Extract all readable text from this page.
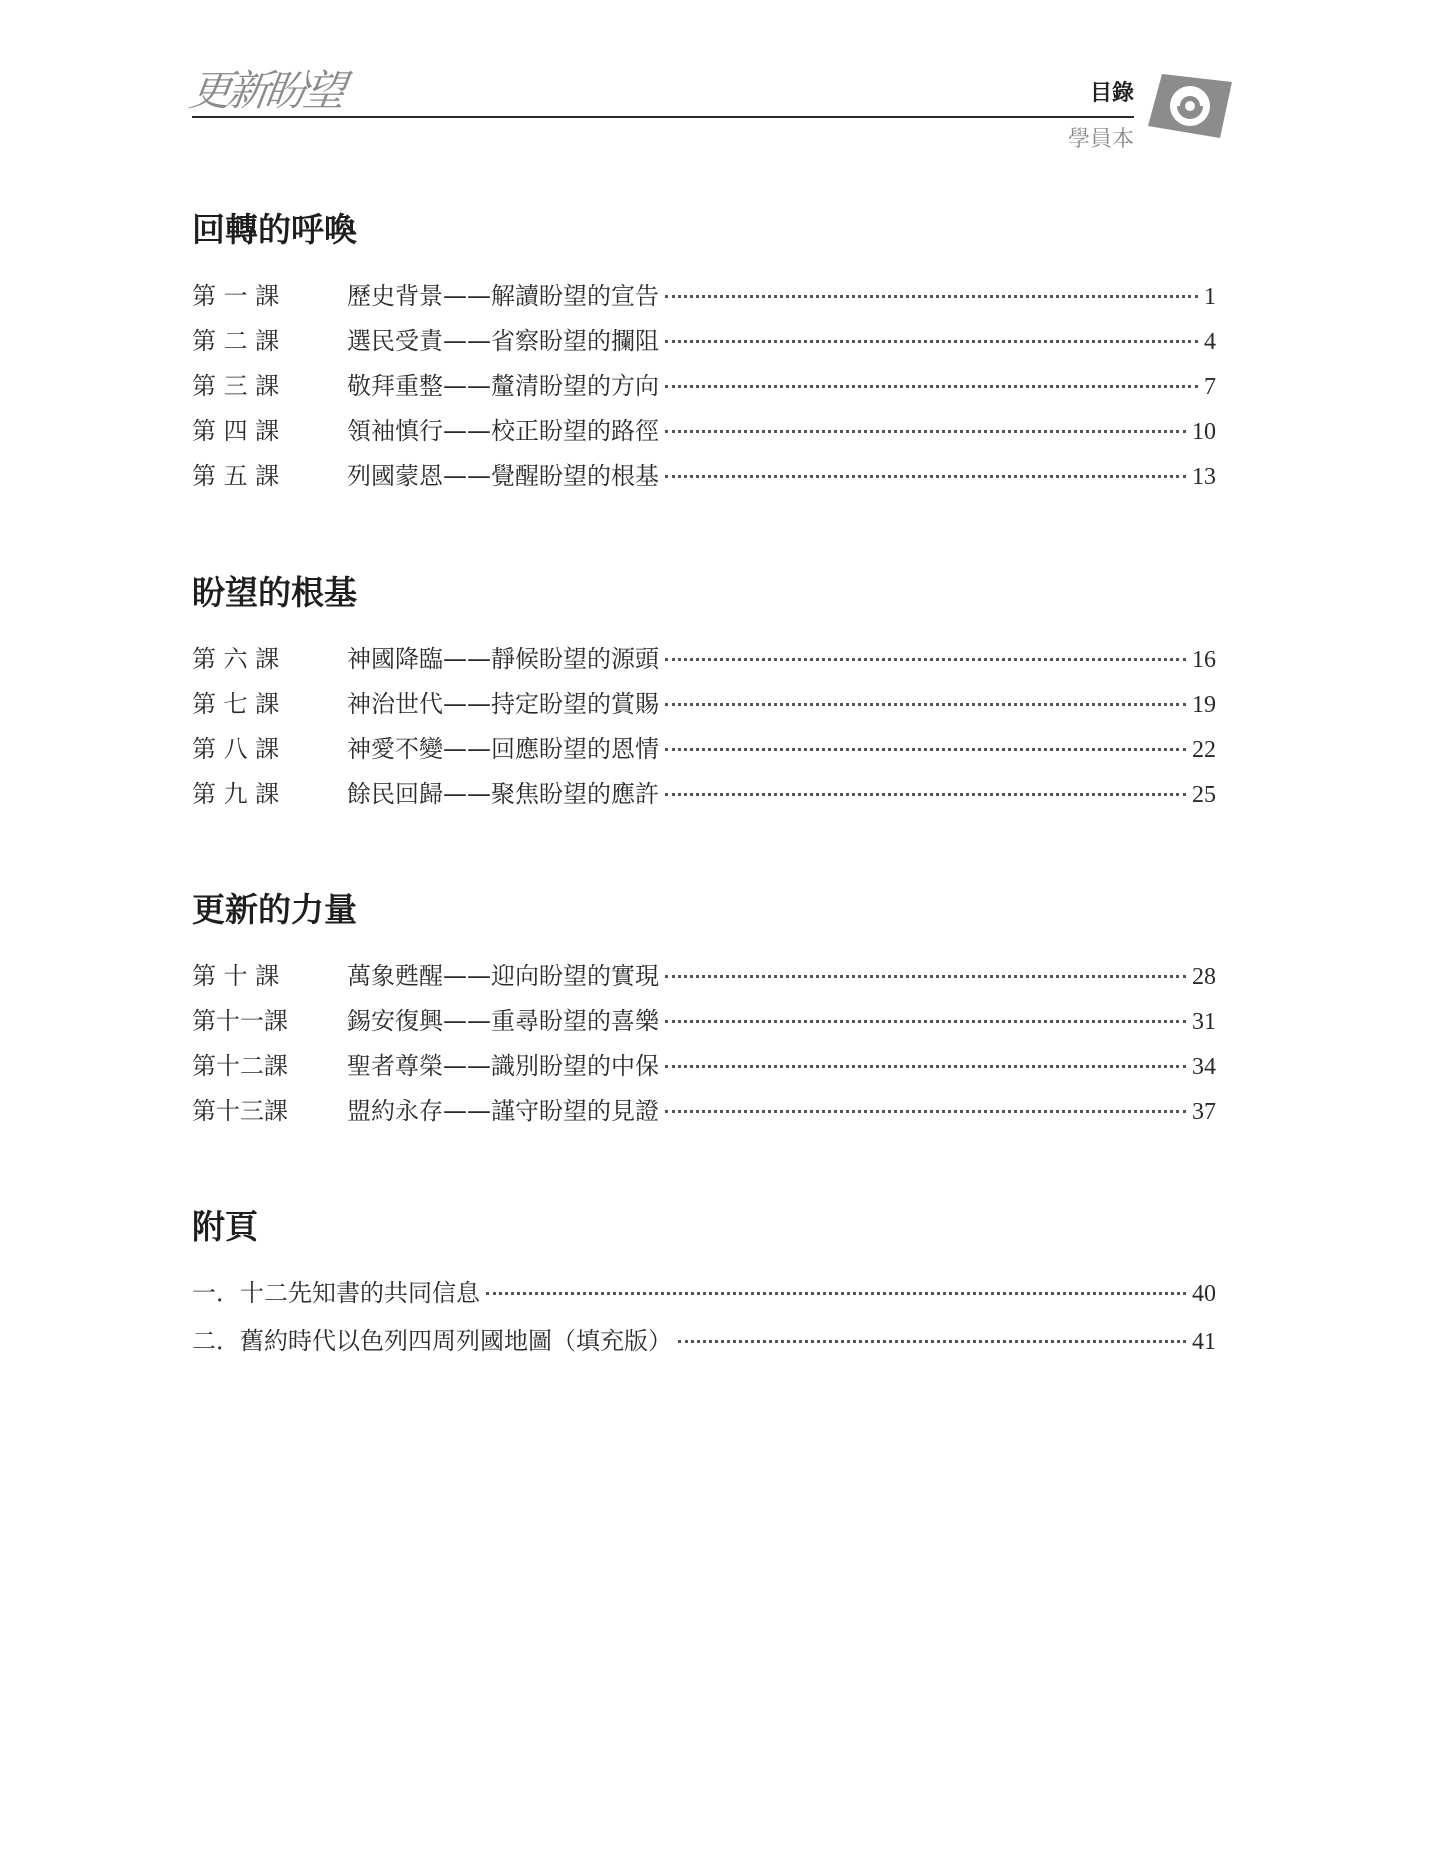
更新盼望	目錄
學員本
回轉的呼喚
第 一 課	歷史背景——解讀盼望的宣告	1
第 二 課	選民受責——省察盼望的攔阻	4
第 三 課	敬拜重整——釐清盼望的方向	7
第 四 課	領袖慎行——校正盼望的路徑	10
第 五 課	列國蒙恩——覺醒盼望的根基	13
盼望的根基
第 六 課	神國降臨——靜候盼望的源頭	16
第 七 課	神治世代——持定盼望的賞賜	19
第 八 課	神愛不變——回應盼望的恩情	22
第 九 課	餘民回歸——聚焦盼望的應許	25
更新的力量
第 十 課	萬象甦醒——迎向盼望的實現	28
第十一課	錫安復興——重尋盼望的喜樂	31
第十二課	聖者尊榮——識別盼望的中保	34
第十三課	盟約永存——謹守盼望的見證	37
附頁
一．十二先知書的共同信息	40
二．舊約時代以色列四周列國地圖（填充版）	41
